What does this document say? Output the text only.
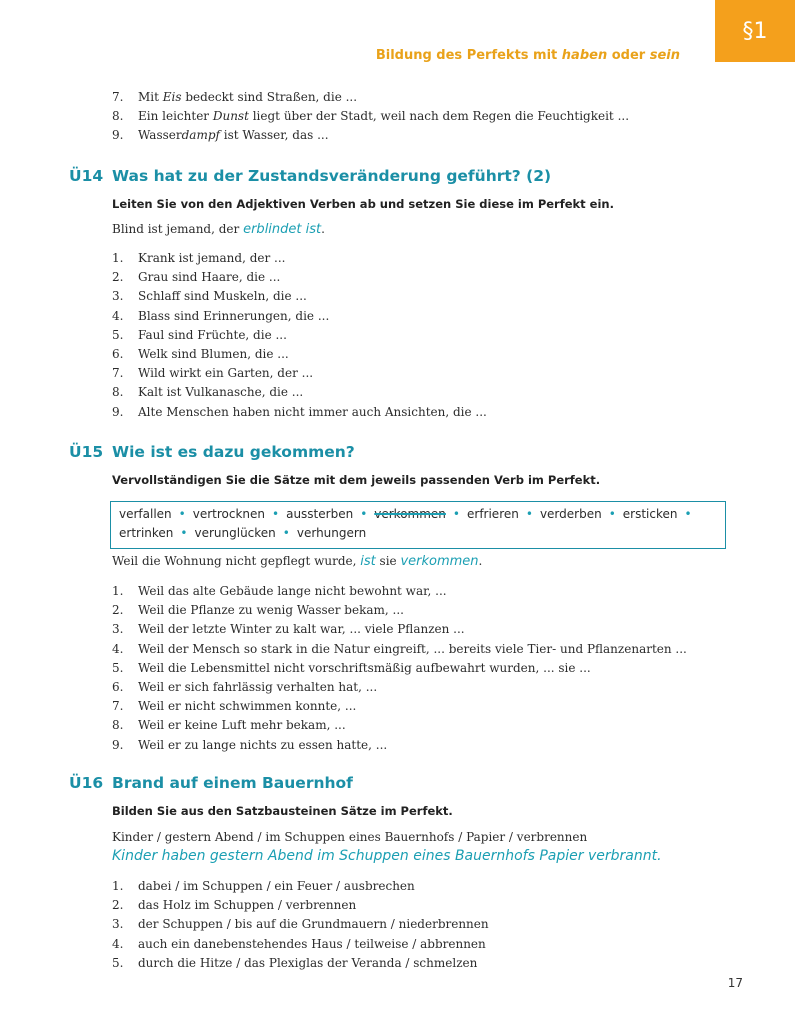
§1
Bildung des Perfekts mit haben oder sein
7.	Mit Eis bedeckt sind Straßen, die ...
8.	Ein leichter Dunst liegt über der Stadt, weil nach dem Regen die Feuchtigkeit ...
9.	Wasserdampf ist Wasser, das ...
Ü14 Was hat zu der Zustandsveränderung geführt? (2)
Leiten Sie von den Adjektiven Verben ab und setzen Sie diese im Perfekt ein.
Blind ist jemand, der erblindet ist.
1.	Krank ist jemand, der ...
2.	Grau sind Haare, die ...
3.	Schlaff sind Muskeln, die ...
4.	Blass sind Erinnerungen, die ...
5.	Faul sind Früchte, die ...
6.	Welk sind Blumen, die ...
7.	Wild wirkt ein Garten, der ...
8.	Kalt ist Vulkanasche, die ...
9.	Alte Menschen haben nicht immer auch Ansichten, die ...
Ü15 Wie ist es dazu gekommen?
Vervollständigen Sie die Sätze mit dem jeweils passenden Verb im Perfekt.
verfallen • vertrocknen • aussterben • verkommen • erfrieren • verderben • ersticken •
ertrinken • verunglücken • verhungern
Weil die Wohnung nicht gepflegt wurde, ist sie verkommen.
1.	Weil das alte Gebäude lange nicht bewohnt war, ...
2.	Weil die Pflanze zu wenig Wasser bekam, ...
3.	Weil der letzte Winter zu kalt war, ... viele Pflanzen ...
4.	Weil der Mensch so stark in die Natur eingreift, ... bereits viele Tier- und Pflanzenarten ...
5.	Weil die Lebensmittel nicht vorschriftsmäßig aufbewahrt wurden, ... sie ...
6.	Weil er sich fahrlässig verhalten hat, ...
7.	Weil er nicht schwimmen konnte, ...
8.	Weil er keine Luft mehr bekam, ...
9.	Weil er zu lange nichts zu essen hatte, ...
Ü16 Brand auf einem Bauernhof
Bilden Sie aus den Satzbausteinen Sätze im Perfekt.
Kinder / gestern Abend / im Schuppen eines Bauernhofs / Papier / verbrennen
Kinder haben gestern Abend im Schuppen eines Bauernhofs Papier verbrannt.
1.	dabei / im Schuppen / ein Feuer / ausbrechen
2.	das Holz im Schuppen / verbrennen
3.	der Schuppen / bis auf die Grundmauern / niederbrennen
4.	auch ein danebenstehendes Haus / teilweise / abbrennen
5.	durch die Hitze / das Plexiglas der Veranda / schmelzen
17
